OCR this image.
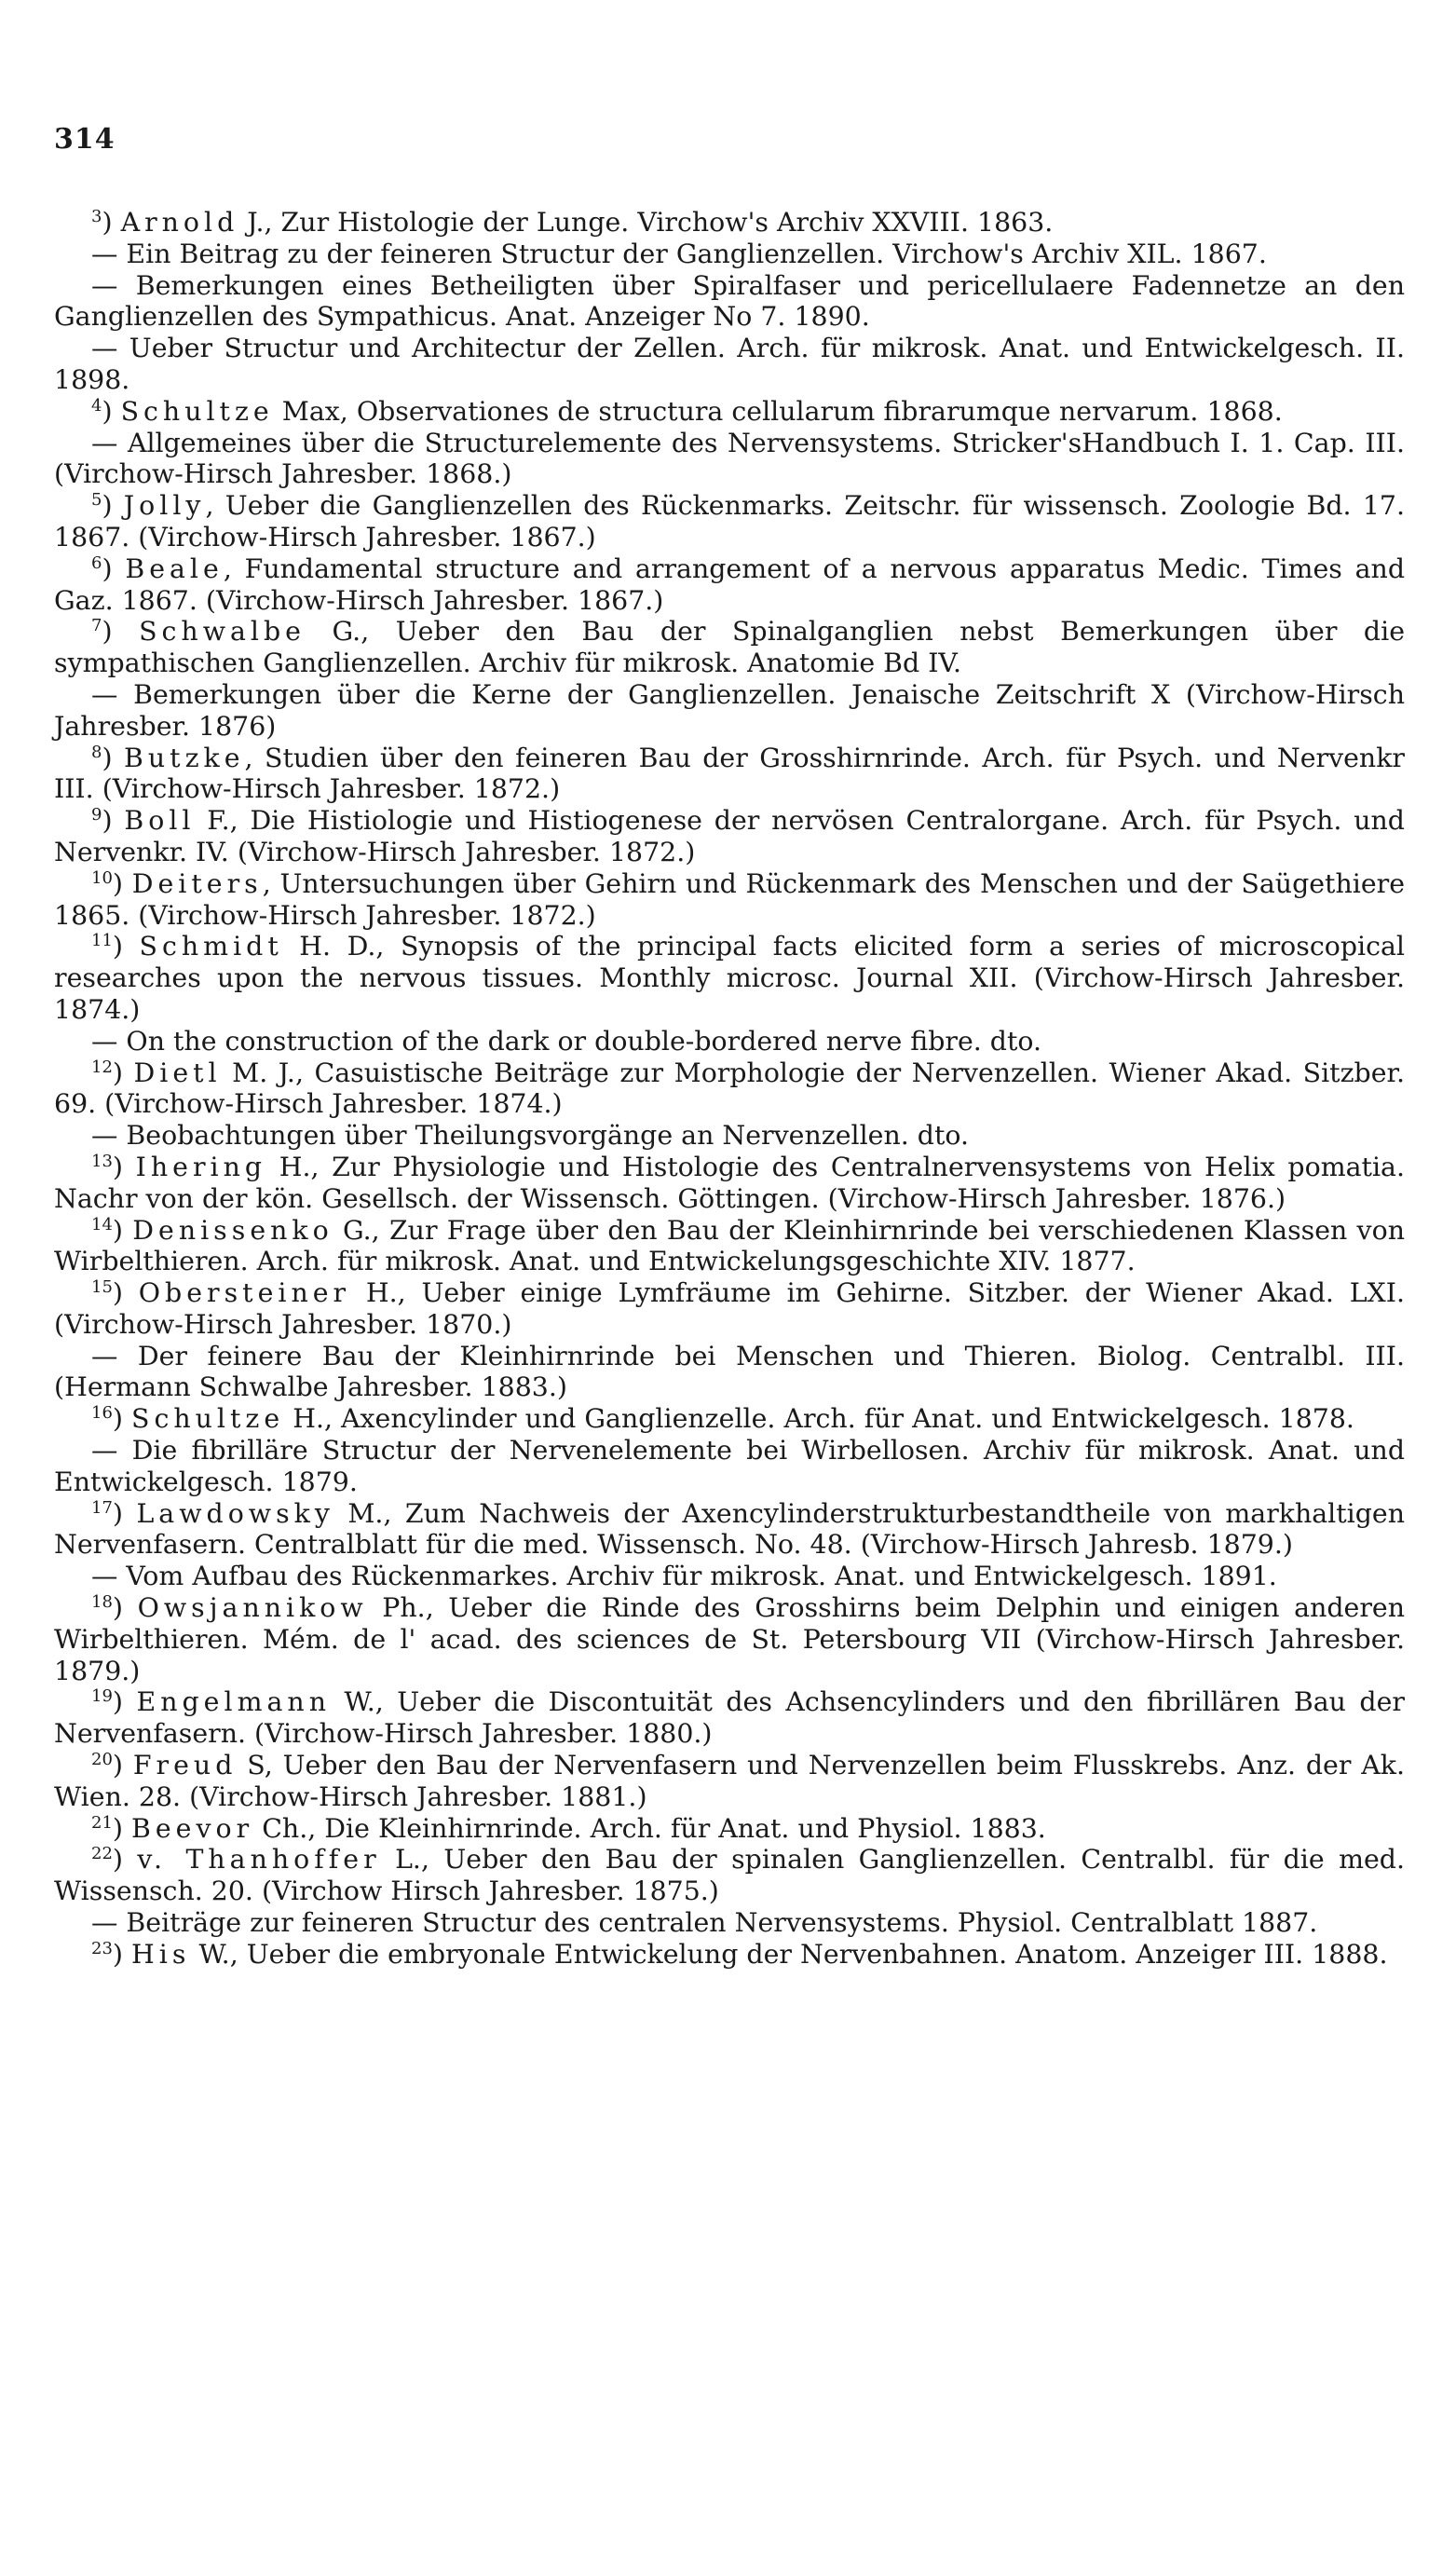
314

$^3$) Arnold J., Zur Histologie der Lunge. Virchow's Archiv XXVIII. 1863.

— Ein Beitrag zu der feineren Structur der Ganglienzellen. Virchow's Archiv XIL. 1867.

— Bemerkungen eines Betheiligten über Spiralfaser und pericellulaere Fadennetze an den Ganglienzellen des Sympathicus. Anat. Anzeiger No 7. 1890.

— Ueber Structur und Architectur der Zellen. Arch. für mikrosk. Anat. und Entwickelgesch. II. 1898.

$^4$) Schultze Max, Observationes de structura cellularum fibrarumque nervarum. 1868.

— Allgemeines über die Structurelemente des Nervensystems. Stricker'sHandbuch I. 1. Cap. III. (Virchow-Hirsch Jahresber. 1868.)

$^5$) Jolly, Ueber die Ganglienzellen des Rückenmarks. Zeitschr. für wissensch. Zoologie Bd. 17. 1867. (Virchow-Hirsch Jahresber. 1867.)

$^6$) Beale, Fundamental structure and arrangement of a nervous apparatus Medic. Times and Gaz. 1867. (Virchow-Hirsch Jahresber. 1867.)

$^7$) Schwalbe G., Ueber den Bau der Spinalganglien nebst Bemerkungen über die sympathischen Ganglienzellen. Archiv für mikrosk. Anatomie Bd IV.

— Bemerkungen über die Kerne der Ganglienzellen. Jenaische Zeitschrift X (Virchow-Hirsch Jahresber. 1876)

$^8$) Butzke, Studien über den feineren Bau der Grosshirnrinde. Arch. für Psych. und Nervenkr III. (Virchow-Hirsch Jahresber. 1872.)

$^9$) Boll F., Die Histiologie und Histiogenese der nervösen Centralorgane. Arch. für Psych. und Nervenkr. IV. (Virchow-Hirsch Jahresber. 1872.)

$^{10}$) Deiters, Untersuchungen über Gehirn und Rückenmark des Menschen und der Saügethiere 1865. (Virchow-Hirsch Jahresber. 1872.)

$^{11}$) Schmidt H. D., Synopsis of the principal facts elicited form a series of microscopical researches upon the nervous tissues. Monthly microsc. Journal XII. (Virchow-Hirsch Jahresber. 1874.)

— On the construction of the dark or double-bordered nerve fibre. dto.

$^{12}$) Dietl M. J., Casuistische Beiträge zur Morphologie der Nervenzellen. Wiener Akad. Sitzber. 69. (Virchow-Hirsch Jahresber. 1874.)

— Beobachtungen über Theilungsvorgänge an Nervenzellen. dto.

$^{13}$) Ihering H., Zur Physiologie und Histologie des Centralnervensystems von Helix pomatia. Nachr von der kön. Gesellsch. der Wissensch. Göttingen. (Virchow-Hirsch Jahresber. 1876.)

$^{14}$) Denissenko G., Zur Frage über den Bau der Kleinhirnrinde bei verschiedenen Klassen von Wirbelthieren. Arch. für mikrosk. Anat. und Entwickelungsgeschichte XIV. 1877.

$^{15}$) Obersteiner H., Ueber einige Lymfräume im Gehirne. Sitzber. der Wiener Akad. LXI. (Virchow-Hirsch Jahresber. 1870.)

— Der feinere Bau der Kleinhirnrinde bei Menschen und Thieren. Biolog. Centralbl. III. (Hermann Schwalbe Jahresber. 1883.)

$^{16}$) Schultze H., Axencylinder und Ganglienzelle. Arch. für Anat. und Entwickelgesch. 1878.

— Die fibrilläre Structur der Nervenelemente bei Wirbellosen. Archiv für mikrosk. Anat. und Entwickelgesch. 1879.

$^{17}$) Lawdowsky M., Zum Nachweis der Axencylinderstrukturbestandtheile von markhaltigen Nervenfasern. Centralblatt für die med. Wissensch. No. 48. (Virchow-Hirsch Jahresb. 1879.)

— Vom Aufbau des Rückenmarkes. Archiv für mikrosk. Anat. und Entwickelgesch. 1891.

$^{18}$) Owsjannikow Ph., Ueber die Rinde des Grosshirns beim Delphin und einigen anderen Wirbelthieren. Mém. de l' acad. des sciences de St. Petersbourg VII (Virchow-Hirsch Jahresber. 1879.)

$^{19}$) Engelmann W., Ueber die Discontuität des Achsencylinders und den fibrillären Bau der Nervenfasern. (Virchow-Hirsch Jahresber. 1880.)

$^{20}$) Freud S, Ueber den Bau der Nervenfasern und Nervenzellen beim Flusskrebs. Anz. der Ak. Wien. 28. (Virchow-Hirsch Jahresber. 1881.)

$^{21}$) Beevor Ch., Die Kleinhirnrinde. Arch. für Anat. und Physiol. 1883.

$^{22}$) v. Thanhoffer L., Ueber den Bau der spinalen Ganglienzellen. Centralbl. für die med. Wissensch. 20. (Virchow Hirsch Jahresber. 1875.)

— Beiträge zur feineren Structur des centralen Nervensystems. Physiol. Centralblatt 1887.

$^{23}$) His W., Ueber die embryonale Entwickelung der Nervenbahnen. Anatom. Anzeiger III. 1888.
